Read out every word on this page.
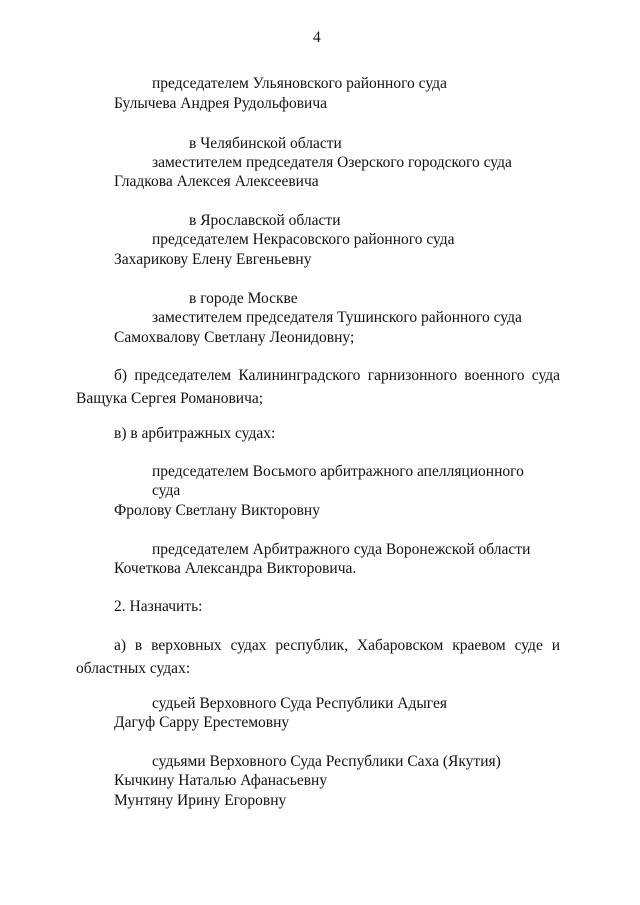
4
председателем Ульяновского районного суда
Булычева Андрея Рудольфовича
в Челябинской области
заместителем председателя Озерского городского суда
Гладкова Алексея Алексеевича
в Ярославской области
председателем Некрасовского районного суда
Захарикову Елену Евгеньевну
в городе Москве
заместителем председателя Тушинского районного суда
Самохвалову Светлану Леонидовну;
б) председателем Калининградского гарнизонного военного суда Ващука Сергея Романовича;
в) в арбитражных судах:
председателем Восьмого арбитражного апелляционного
суда
Фролову Светлану Викторовну
председателем Арбитражного суда Воронежской области
Кочеткова Александра Викторовича.
2. Назначить:
а) в верховных судах республик, Хабаровском краевом суде и областных судах:
судьей Верховного Суда Республики Адыгея
Дагуф Сарру Ерестемовну
судьями Верховного Суда Республики Саха (Якутия)
Кычкину Наталью Афанасьевну
Мунтяну Ирину Егоровну
